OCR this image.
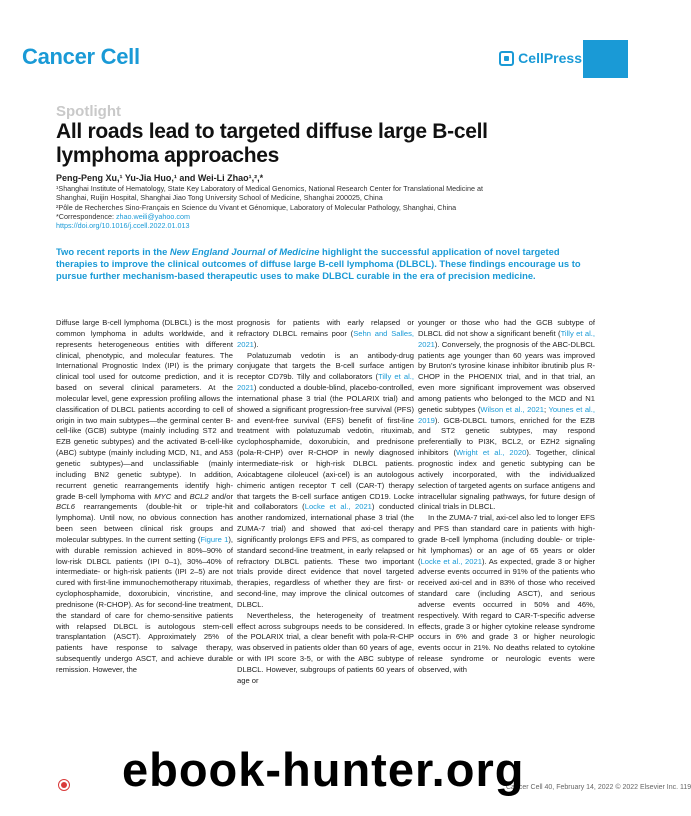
Cancer Cell	CellPress
Spotlight
All roads lead to targeted diffuse large B-cell lymphoma approaches
Peng-Peng Xu,¹ Yu-Jia Huo,¹ and Wei-Li Zhao¹,²,*
¹Shanghai Institute of Hematology, State Key Laboratory of Medical Genomics, National Research Center for Translational Medicine at
Shanghai, Ruijin Hospital, Shanghai Jiao Tong University School of Medicine, Shanghai 200025, China
²Pôle de Recherches Sino-Français en Science du Vivant et Génomique, Laboratory of Molecular Pathology, Shanghai, China
*Correspondence: zhao.weili@yahoo.com
https://doi.org/10.1016/j.ccell.2022.01.013
Two recent reports in the New England Journal of Medicine highlight the successful application of novel targeted therapies to improve the clinical outcomes of diffuse large B-cell lymphoma (DLBCL). These findings encourage us to pursue further mechanism-based therapeutic uses to make DLBCL curable in the era of precision medicine.

Diffuse large B-cell lymphoma (DLBCL) is the most common lymphoma in adults worldwide, and it represents heterogeneous entities with different clinical, phenotypic, and molecular features. The International Prognostic Index (IPI) is the primary clinical tool used for outcome prediction, and it is based on several clinical parameters. At the molecular level, gene expression profiling allows the classification of DLBCL patients according to cell of origin in two main subtypes—the germinal center B-cell-like (GCB) subtype (mainly including ST2 and EZB genetic subtypes) and the activated B-cell-like (ABC) subtype (mainly including MCD, N1, and A53 genetic subtypes)—and unclassifiable (mainly including BN2 genetic subtype). In addition, recurrent genetic rearrangements identify high-grade B-cell lymphoma with MYC and BCL2 and/or BCL6 rearrangements (double-hit or triple-hit lymphoma). Until now, no obvious connection has been seen between clinical risk groups and molecular subtypes. In the current setting (Figure 1), with durable remission achieved in 80%–90% of low-risk DLBCL patients (IPI 0–1), 30%–40% of intermediate- or high-risk patients (IPI 2–5) are not cured with first-line immunochemotherapy rituximab, cyclophosphamide, doxorubicin, vincristine, and prednisone (R-CHOP). As for second-line treatment, the standard of care for chemo-sensitive patients with relapsed DLBCL is autologous stem-cell transplantation (ASCT). Approximately 25% of patients have response to salvage therapy, subsequently undergo ASCT, and achieve durable remission. However, the

prognosis for patients with early relapsed or refractory DLBCL remains poor (Sehn and Salles, 2021).

Polatuzumab vedotin is an antibody-drug conjugate that targets the B-cell surface antigen receptor CD79b. Tilly and collaborators (Tilly et al., 2021) conducted a double-blind, placebo-controlled, international phase 3 trial (the POLARIX trial) and showed a significant progression-free survival (PFS) and event-free survival (EFS) benefit of first-line treatment with polatuzumab vedotin, rituximab, cyclophosphamide, doxorubicin, and prednisone (pola-R-CHP) over R-CHOP in newly diagnosed intermediate-risk or high-risk DLBCL patients. Axicabtagene ciloleucel (axi-cel) is an autologous chimeric antigen receptor T cell (CAR-T) therapy that targets the B-cell surface antigen CD19. Locke and collaborators (Locke et al., 2021) conducted another randomized, international phase 3 trial (the ZUMA-7 trial) and showed that axi-cel therapy significantly prolongs EFS and PFS, as compared to standard second-line treatment, in early relapsed or refractory DLBCL patients. These two important trials provide direct evidence that novel targeted therapies, regardless of whether they are first- or second-line, may improve the clinical outcomes of DLBCL.

Nevertheless, the heterogeneity of treatment effect across subgroups needs to be considered. In the POLARIX trial, a clear benefit with pola-R-CHP was observed in patients older than 60 years of age, or with IPI score 3-5, or with the ABC subtype of DLBCL. However, subgroups of patients 60 years of age or

younger or those who had the GCB subtype of DLBCL did not show a significant benefit (Tilly et al., 2021). Conversely, the prognosis of the ABC-DLBCL patients age younger than 60 years was improved by Bruton’s tyrosine kinase inhibitor ibrutinib plus R-CHOP in the PHOENIX trial, and in that trial, an even more significant improvement was observed among patients who belonged to the MCD and N1 genetic subtypes (Wilson et al., 2021; Younes et al., 2019). GCB-DLBCL tumors, enriched for the EZB and ST2 genetic subtypes, may respond preferentially to PI3K, BCL2, or EZH2 signaling inhibitors (Wright et al., 2020). Together, clinical prognostic index and genetic subtyping can be actively incorporated, with the individualized selection of targeted agents on surface antigens and intracellular signaling pathways, for future design of clinical trials in DLBCL.

In the ZUMA-7 trial, axi-cel also led to longer EFS and PFS than standard care in patients with high-grade B-cell lymphoma (including double- or triple-hit lymphomas) or an age of 65 years or older (Locke et al., 2021). As expected, grade 3 or higher adverse events occurred in 91% of the patients who received axi-cel and in 83% of those who received standard care (including ASCT), and serious adverse events occurred in 50% and 46%, respectively. With regard to CAR-T-specific adverse effects, grade 3 or higher cytokine release syndrome occurs in 6% and grade 3 or higher neurologic events occur in 21%. No deaths related to cytokine release syndrome or neurologic events were observed, with

Cancer Cell 40, February 14, 2022 © 2022 Elsevier Inc. 119
ebook-hunter.org
